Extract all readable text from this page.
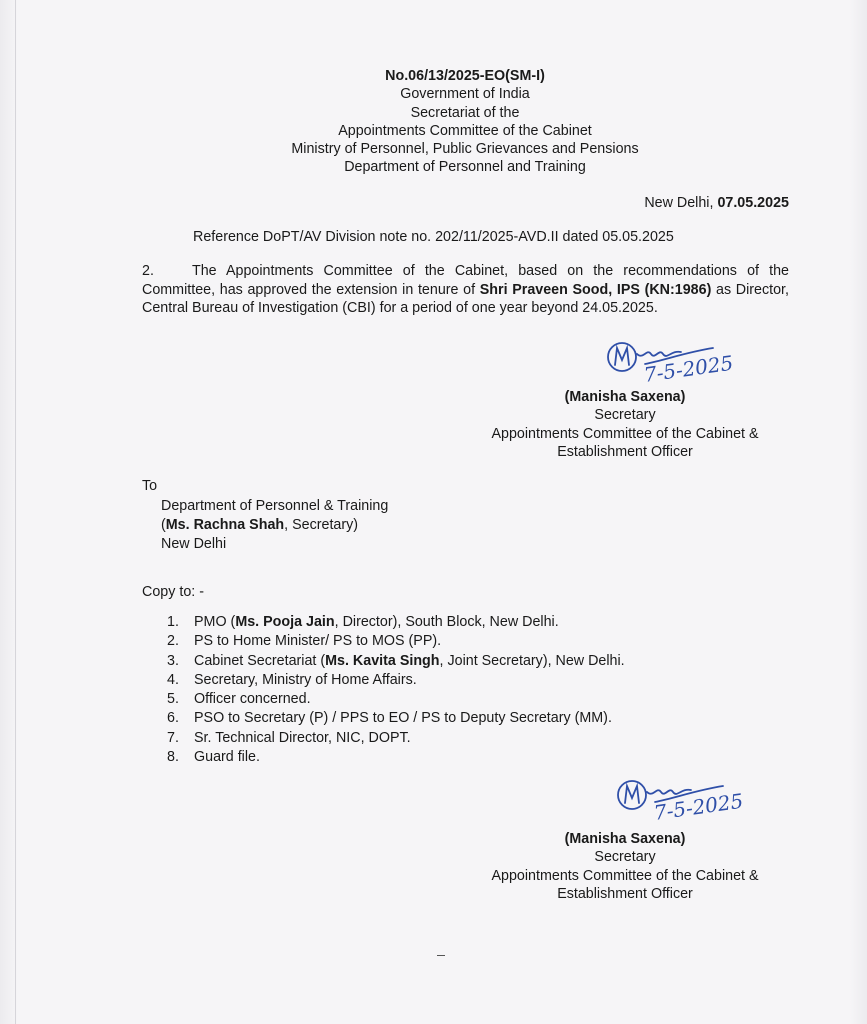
No.06/13/2025-EO(SM-I)
Government of India
Secretariat of the
Appointments Committee of the Cabinet
Ministry of Personnel, Public Grievances and Pensions
Department of Personnel and Training
New Delhi, 07.05.2025
Reference DoPT/AV Division note no. 202/11/2025-AVD.II dated 05.05.2025
2.	The Appointments Committee of the Cabinet, based on the recommendations of the Committee, has approved the extension in tenure of Shri Praveen Sood, IPS (KN:1986) as Director, Central Bureau of Investigation (CBI) for a period of one year beyond 24.05.2025.
7-5-2025
(Manisha Saxena)
Secretary
Appointments Committee of the Cabinet &
Establishment Officer
To
Department of Personnel & Training
(Ms. Rachna Shah, Secretary)
New Delhi
Copy to: -
1. PMO (Ms. Pooja Jain, Director), South Block, New Delhi.
2. PS to Home Minister/ PS to MOS (PP).
3. Cabinet Secretariat (Ms. Kavita Singh, Joint Secretary), New Delhi.
4. Secretary, Ministry of Home Affairs.
5. Officer concerned.
6. PSO to Secretary (P) / PPS to EO / PS to Deputy Secretary (MM).
7. Sr. Technical Director, NIC, DOPT.
8. Guard file.
7-5-2025
(Manisha Saxena)
Secretary
Appointments Committee of the Cabinet &
Establishment Officer
